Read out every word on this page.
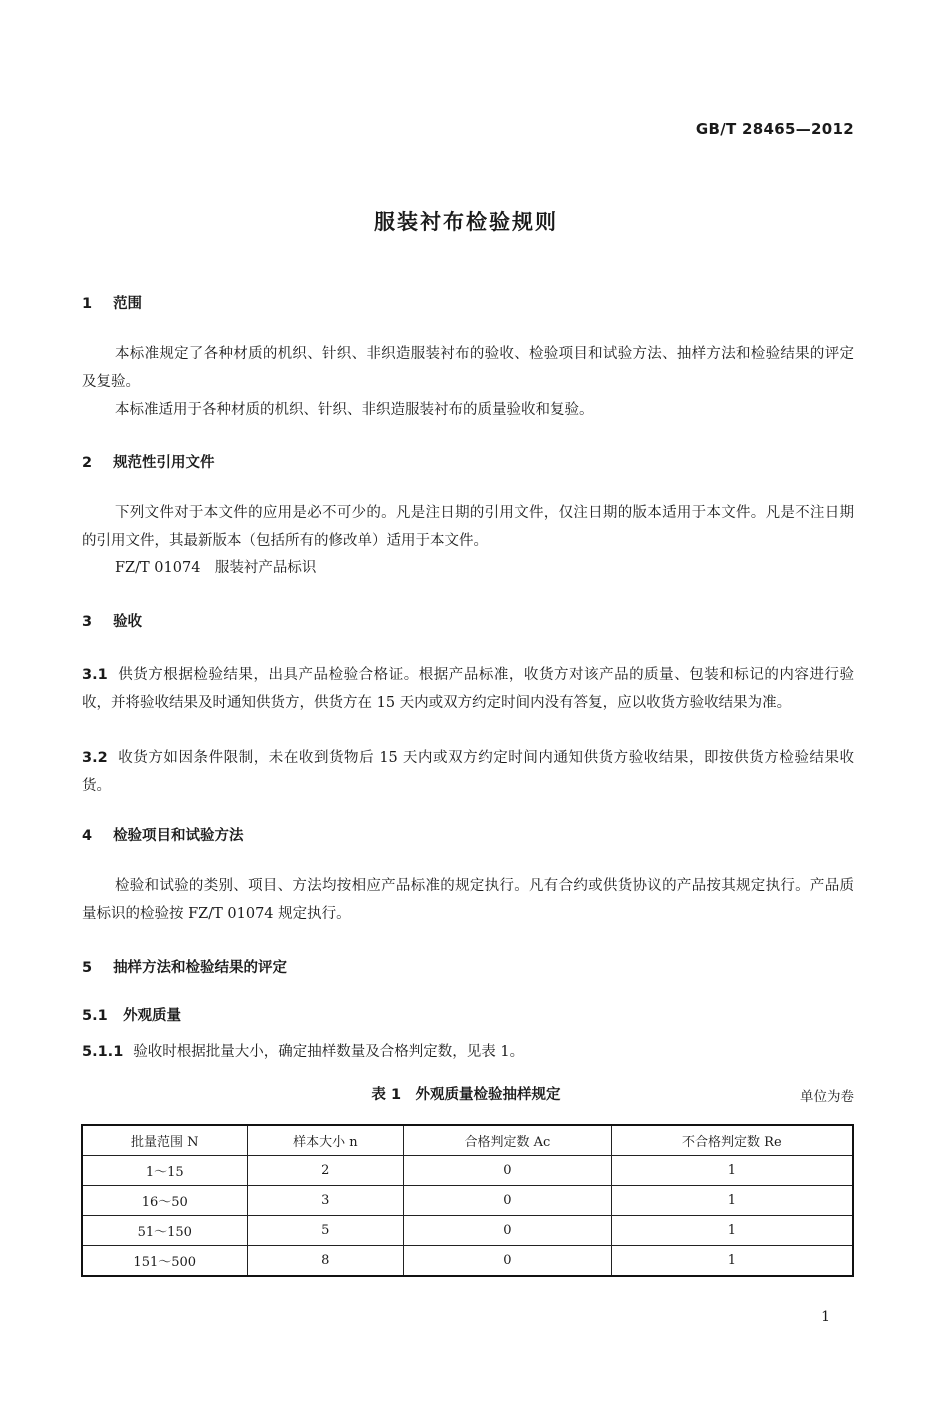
GB/T 28465—2012
服装衬布检验规则
1 范围
本标准规定了各种材质的机织、针织、非织造服装衬布的验收、检验项目和试验方法、抽样方法和检验结果的评定及复验。
本标准适用于各种材质的机织、针织、非织造服装衬布的质量验收和复验。
2 规范性引用文件
下列文件对于本文件的应用是必不可少的。凡是注日期的引用文件，仅注日期的版本适用于本文件。凡是不注日期的引用文件，其最新版本（包括所有的修改单）适用于本文件。
FZ/T 01074　服装衬产品标识
3 验收
3.1 供货方根据检验结果，出具产品检验合格证。根据产品标准，收货方对该产品的质量、包装和标记的内容进行验收，并将验收结果及时通知供货方，供货方在 15 天内或双方约定时间内没有答复，应以收货方验收结果为准。
3.2 收货方如因条件限制，未在收到货物后 15 天内或双方约定时间内通知供货方验收结果，即按供货方检验结果收货。
4 检验项目和试验方法
检验和试验的类别、项目、方法均按相应产品标准的规定执行。凡有合约或供货协议的产品按其规定执行。产品质量标识的检验按 FZ/T 01074 规定执行。
5 抽样方法和检验结果的评定
5.1 外观质量
5.1.1 验收时根据批量大小，确定抽样数量及合格判定数，见表 1。
表 1　外观质量检验抽样规定	单位为卷
批量范围 N	样本大小 n	合格判定数 Ac	不合格判定数 Re
1～15	2	0	1
16～50	3	0	1
51～150	5	0	1
151～500	8	0	1
1
